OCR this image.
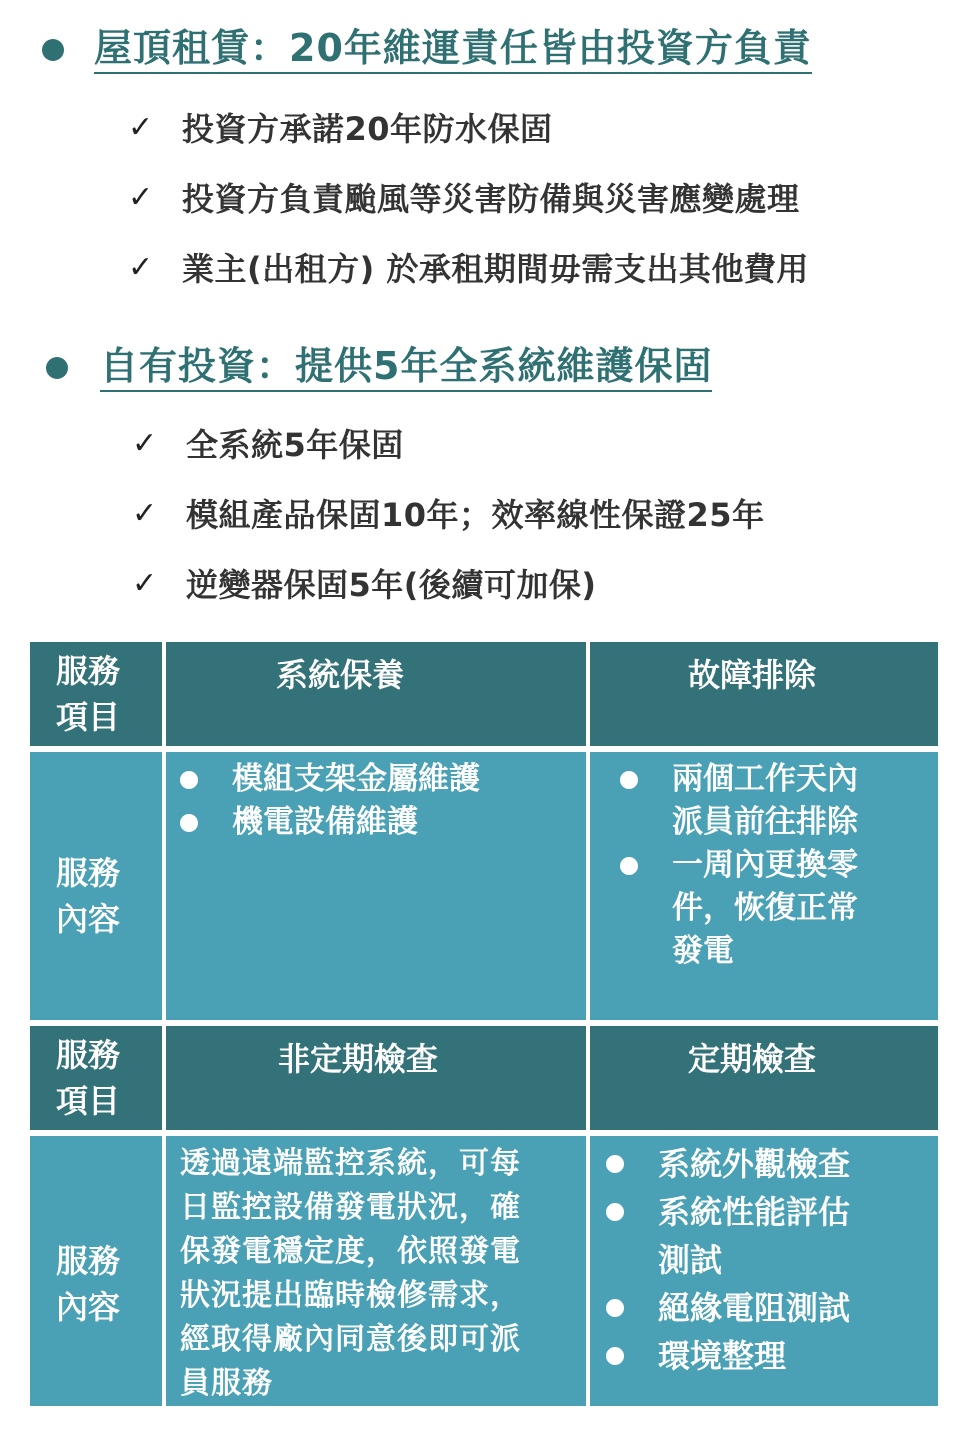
屋頂租賃：20年維運責任皆由投資方負責
✓ 投資方承諾20年防水保固
✓ 投資方負責颱風等災害防備與災害應變處理
✓ 業主(出租方) 於承租期間毋需支出其他費用
自有投資：提供5年全系統維護保固
✓ 全系統5年保固
✓ 模組產品保固10年；效率線性保證25年
✓ 逆變器保固5年(後續可加保)
服務
項目
系統保養	故障排除
服務
內容
模組支架金屬維護
機電設備維護
兩個工作天內
派員前往排除
一周內更換零
件，恢復正常
發電
服務
項目
非定期檢查	定期檢查
服務
內容
透過遠端監控系統，可每
日監控設備發電狀況，確
保發電穩定度，依照發電
狀況提出臨時檢修需求，
經取得廠內同意後即可派
員服務
系統外觀檢查
系統性能評估
測試
絕緣電阻測試
環境整理
